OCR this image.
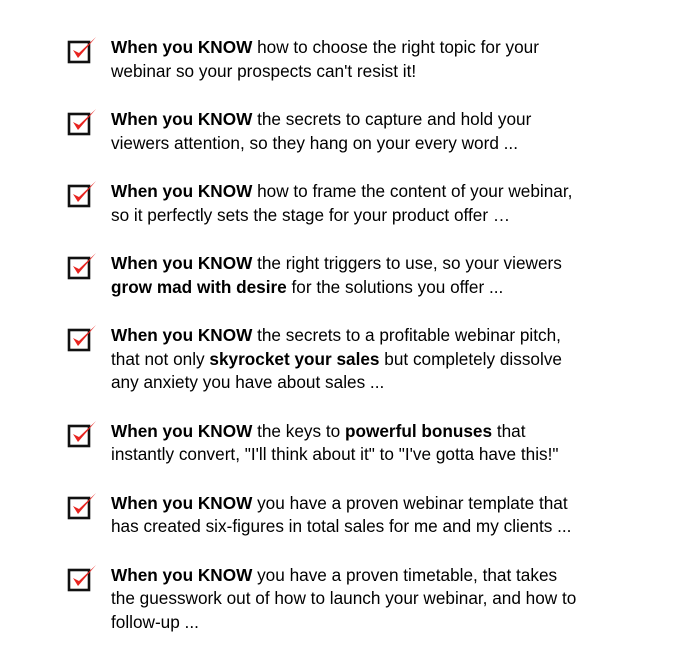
When you KNOW how to choose the right topic for your
webinar so your prospects can't resist it!
When you KNOW the secrets to capture and hold your
viewers attention, so they hang on your every word ...
When you KNOW how to frame the content of your webinar,
so it perfectly sets the stage for your product offer …
When you KNOW the right triggers to use, so your viewers
grow mad with desire for the solutions you offer ...
When you KNOW the secrets to a profitable webinar pitch,
that not only skyrocket your sales but completely dissolve
any anxiety you have about sales ...
When you KNOW the keys to powerful bonuses that
instantly convert, "I'll think about it" to "I've gotta have this!"
When you KNOW you have a proven webinar template that
has created six-figures in total sales for me and my clients ...
When you KNOW you have a proven timetable, that takes
the guesswork out of how to launch your webinar, and how to
follow-up ...
